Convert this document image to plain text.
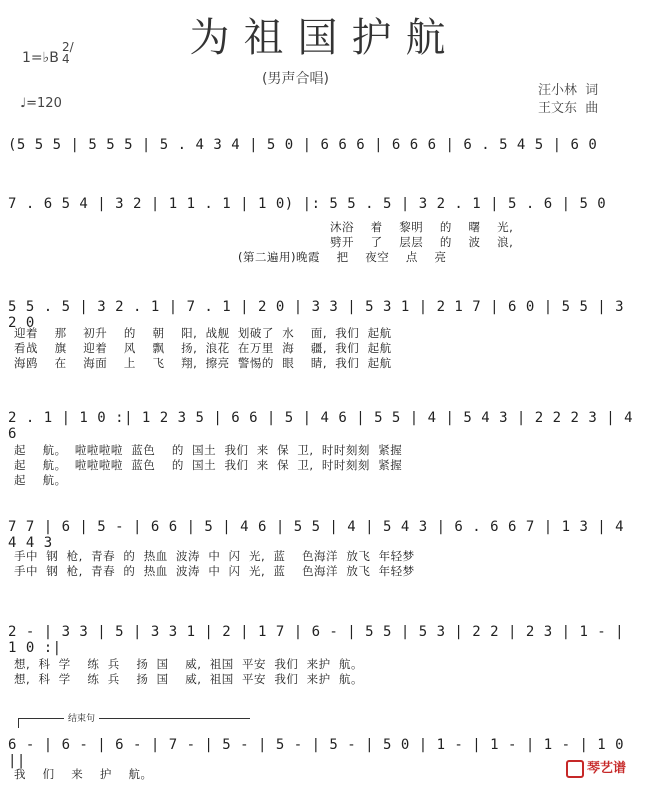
为祖国护航
(男声合唱)
1=♭B
2/4
♩=120
汪小林  词
王文东  曲
(5 5 5 | 5 5 5 | 5 . 4 3 4 | 5 0 | 6 6 6 | 6 6 6 | 6 . 5 4 5 | 6 0
7 . 6 5 4 | 3 2 | 1 1 . 1 | 1 0) |: 5 5 . 5 | 3 2 . 1 | 5 . 6 | 5 0
沐浴    着    黎明    的    曙    光,
劈开    了    层层    的    波    浪,
(第二遍用)晚霞    把    夜空    点    亮
5 5 . 5 | 3 2 . 1 | 7 . 1 | 2 0 | 3 3 | 5 3 1 | 2 1 7 | 6 0 | 5 5 | 3 2 0
迎着    那    初升    的    朝    阳,  战舰  划破了  水    面,  我们  起航
看战    旗    迎着    风    飘    扬,  浪花  在万里  海    疆,  我们  起航
海鸥    在    海面    上    飞    翔,  擦亮  警惕的  眼    睛,  我们  起航
2 . 1 | 1 0 :| 1 2 3 5 | 6 6 | 5 | 4 6 | 5 5 | 4 | 5 4 3 | 2 2 2 3 | 4 6
起    航。  啦啦啦啦  蓝色    的  国土  我们  来  保  卫,  时时刻刻  紧握
起    航。  啦啦啦啦  蓝色    的  国土  我们  来  保  卫,  时时刻刻  紧握
起    航。
7 7 | 6 | 5 - | 6 6 | 5 | 4 6 | 5 5 | 4 | 5 4 3 | 6 . 6 6 7 | 1 3 | 4 4 4 3
手中  钢  枪,  青春  的  热血  波涛  中  闪  光,  蓝    色海洋  放飞  年轻梦
手中  钢  枪,  青春  的  热血  波涛  中  闪  光,  蓝    色海洋  放飞  年轻梦
2 - | 3 3 | 5 | 3 3 1 | 2 | 1 7 | 6 - | 5 5 | 5 3 | 2 2 | 2 3 | 1 - | 1 0 :|
想,  科  学    练  兵    扬  国    威,  祖国  平安  我们  来护  航。
想,  科  学    练  兵    扬  国    威,  祖国  平安  我们  来护  航。
结束句
6 - | 6 - | 6 - | 7 - | 5 - | 5 - | 5 - | 5 0 | 1 - | 1 - | 1 - | 1 0 ||
我    们    来    护    航。	琴艺谱
